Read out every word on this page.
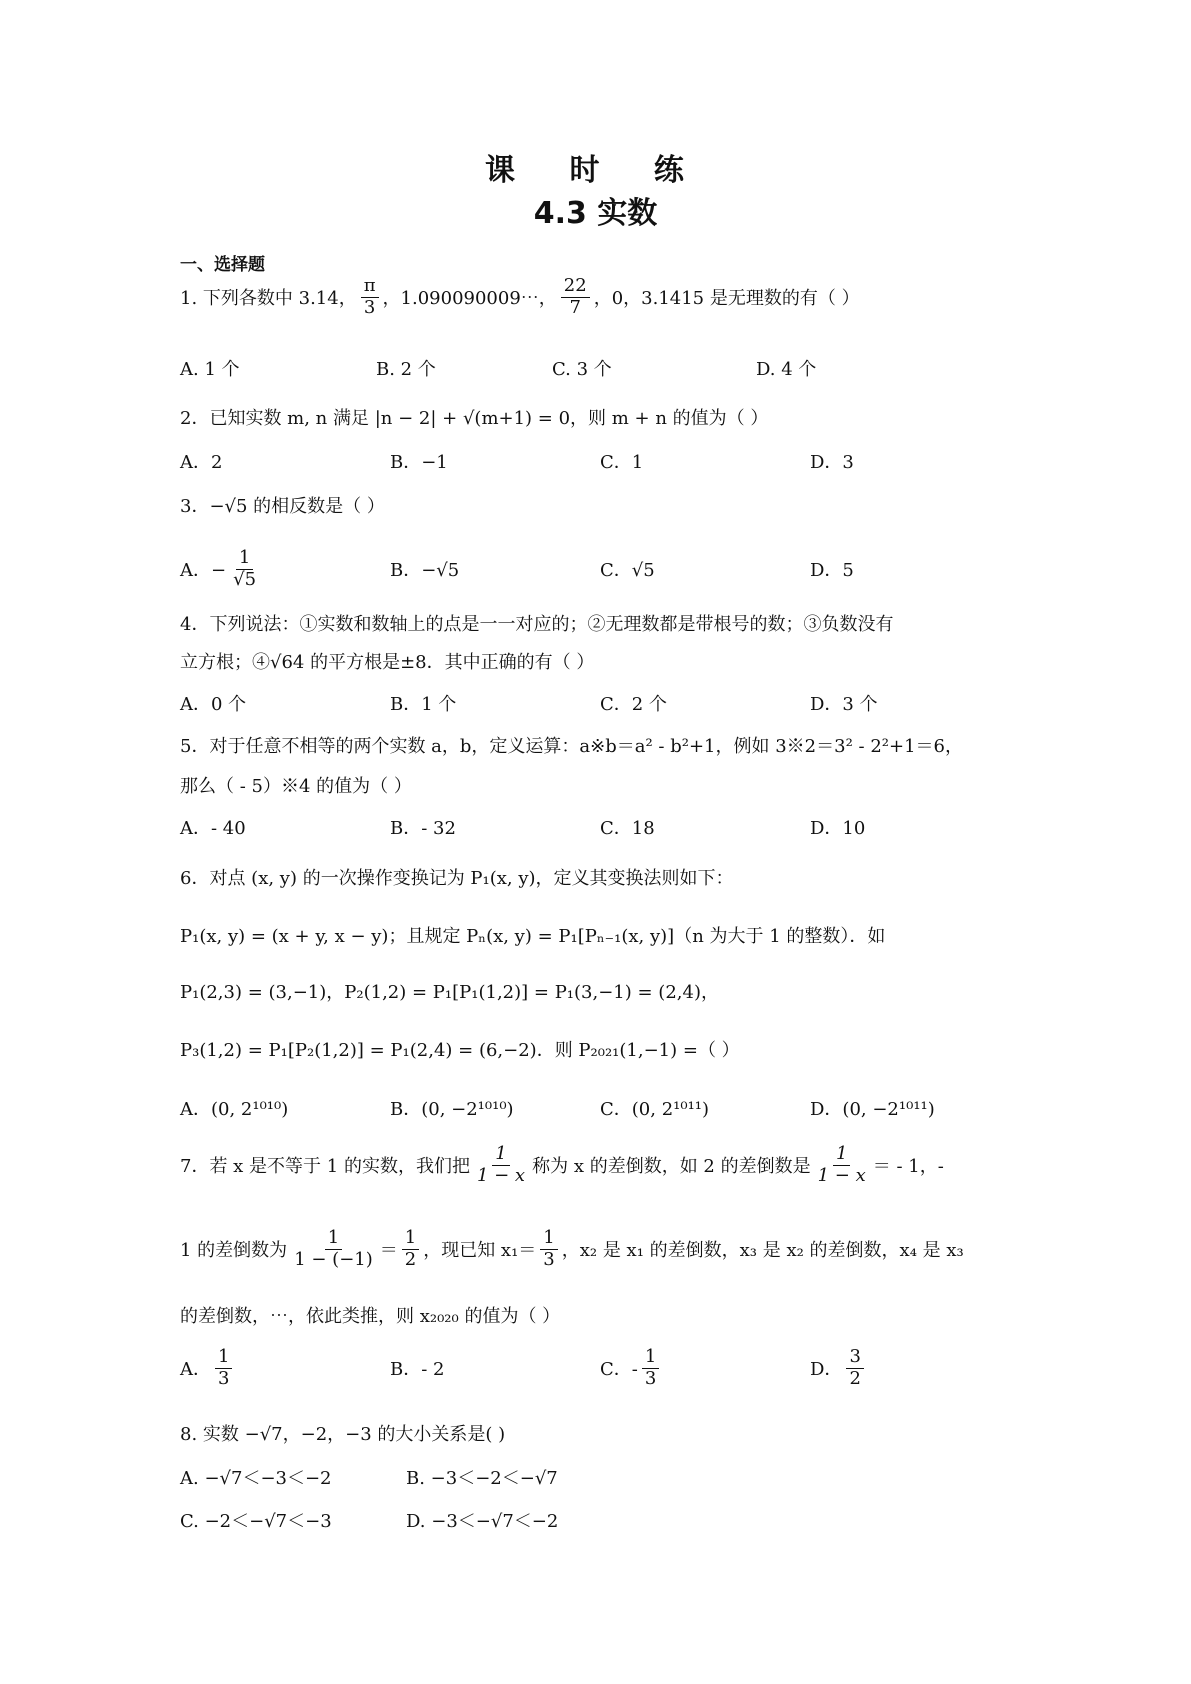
课 时 练
4.3 实数
一、选择题
1. 下列各数中 3.14， $\frac{\pi}{3}$ ，1.090090009⋯， $\frac{22}{7}$ ，0，3.1415 是无理数的有（ ）
A. 1 个	B. 2 个	C. 3 个	D. 4 个
2．已知实数 m, n 满足 |n − 2| + √(m+1) = 0，则 m + n 的值为（ ）
A．2	B．−1	C．1	D．3
3．−√5 的相反数是（ ）
A．− $\frac{1}{√5}$	B．−√5	C．√5	D．5
4．下列说法：①实数和数轴上的点是一一对应的；②无理数都是带根号的数；③负数没有
立方根；④√64 的平方根是±8．其中正确的有（ ）
A．0 个	B．1 个	C．2 个	D．3 个
5．对于任意不相等的两个实数 a，b，定义运算：a※b＝a² - b²+1，例如 3※2＝3² - 2²+1＝6，
那么（ - 5）※4 的值为（ ）
A．- 40	B．- 32	C．18	D．10
6．对点 (x, y) 的一次操作变换记为 P₁(x, y)，定义其变换法则如下：
P₁(x, y) = (x + y, x − y)；且规定 Pₙ(x, y) = P₁[Pₙ₋₁(x, y)]（n 为大于 1 的整数）．如
P₁(2,3) = (3,−1)，P₂(1,2) = P₁[P₁(1,2)] = P₁(3,−1) = (2,4)，
P₃(1,2) = P₁[P₂(1,2)] = P₁(2,4) = (6,−2)．则 P₂₀₂₁(1,−1) =（ ）
A．(0, 2¹⁰¹⁰)	B．(0, −2¹⁰¹⁰)	C．(0, 2¹⁰¹¹)	D．(0, −2¹⁰¹¹)
7．若 x 是不等于 1 的实数，我们把 $\frac{1}{1 - x}$ 称为 x 的差倒数，如 2 的差倒数是 $\frac{1}{1 - x}$ ＝ - 1，-
1 的差倒数为 $\frac{1}{1 - (-1)} = \frac{1}{2}$ ，现已知 $x_1= \frac{1}{3}$ ，x₂ 是 x₁ 的差倒数，x₃ 是 x₂ 的差倒数，x₄ 是 x₃
的差倒数，⋯，依此类推，则 x₂₀₂₀ 的值为（ ）
A． $\frac{1}{3}$	B．- 2	C．- $\frac{1}{3}$	D． $\frac{3}{2}$
8. 实数 −√7，−2，−3 的大小关系是( )
A. −√7＜−3＜−2	B. −3＜−2＜−√7
C. −2＜−√7＜−3	D. −3＜−√7＜−2
